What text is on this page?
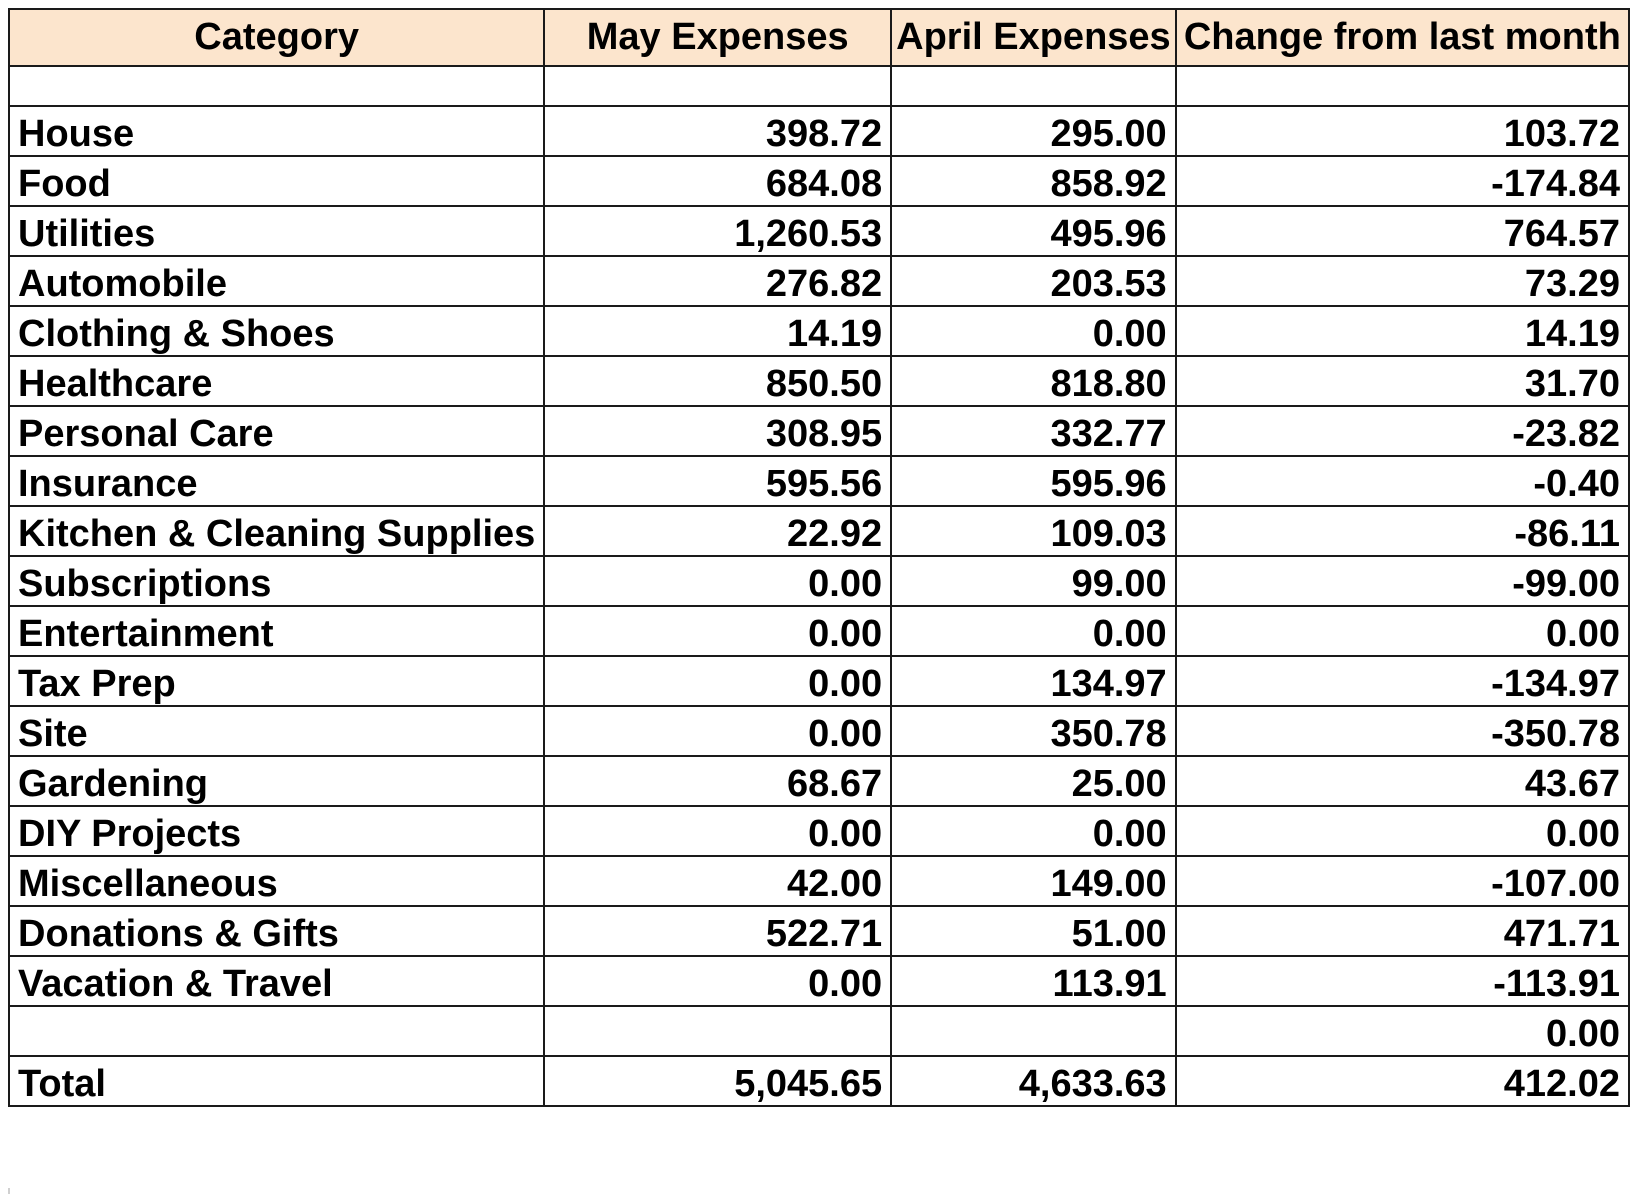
Category	May Expenses	April Expenses	Change from last month

House	398.72	295.00	103.72
Food	684.08	858.92	-174.84
Utilities	1,260.53	495.96	764.57
Automobile	276.82	203.53	73.29
Clothing & Shoes	14.19	0.00	14.19
Healthcare	850.50	818.80	31.70
Personal Care	308.95	332.77	-23.82
Insurance	595.56	595.96	-0.40
Kitchen & Cleaning Supplies	22.92	109.03	-86.11
Subscriptions	0.00	99.00	-99.00
Entertainment	0.00	0.00	0.00
Tax Prep	0.00	134.97	-134.97
Site	0.00	350.78	-350.78
Gardening	68.67	25.00	43.67
DIY Projects	0.00	0.00	0.00
Miscellaneous	42.00	149.00	-107.00
Donations & Gifts	522.71	51.00	471.71
Vacation & Travel	0.00	113.91	-113.91
			0.00
Total	5,045.65	4,633.63	412.02
